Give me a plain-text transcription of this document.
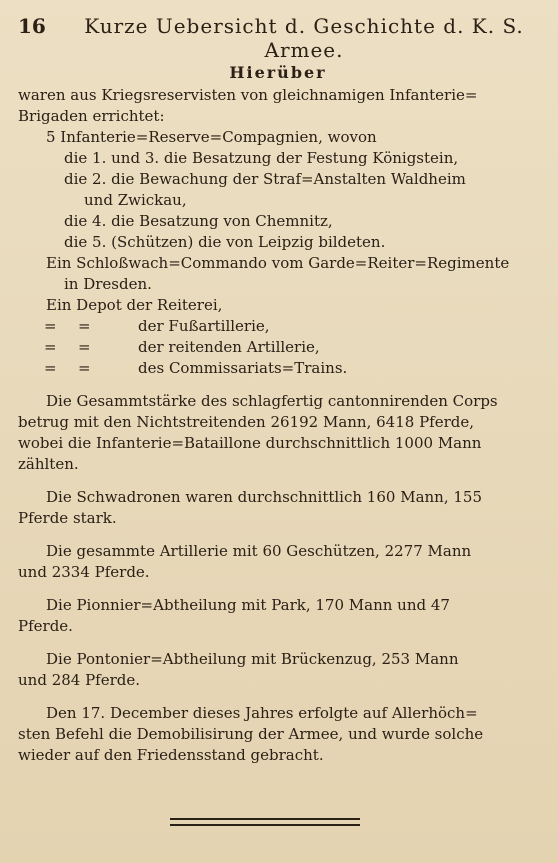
16	Kurze Uebersicht d. Geschichte d. K. S. Armee.
Hierüber
waren aus Kriegsreservisten von gleichnamigen Infanterie=
Brigaden errichtet:
5 Infanterie=Reserve=Compagnien, wovon
die 1. und 3. die Besatzung der Festung Königstein,
die 2. die Bewachung der Straf=Anstalten Waldheim
und Zwickau,
die 4. die Besatzung von Chemnitz,
die 5. (Schützen) die von Leipzig bildeten.
Ein Schloßwach=Commando vom Garde=Reiter=Regimente
in Dresden.
Ein Depot der Reiterei,
=	=	der Fußartillerie,
=	=	der reitenden Artillerie,
=	=	des Commissariats=Trains.
Die Gesammtstärke des schlagfertig cantonnirenden Corps
betrug mit den Nichtstreitenden 26192 Mann, 6418 Pferde,
wobei die Infanterie=Bataillone durchschnittlich 1000 Mann
zählten.
Die Schwadronen waren durchschnittlich 160 Mann, 155
Pferde stark.
Die gesammte Artillerie mit 60 Geschützen, 2277 Mann
und 2334 Pferde.
Die Pionnier=Abtheilung mit Park, 170 Mann und 47
Pferde.
Die Pontonier=Abtheilung mit Brückenzug, 253 Mann
und 284 Pferde.
Den 17. December dieses Jahres erfolgte auf Allerhöch=
sten Befehl die Demobilisirung der Armee, und wurde solche
wieder auf den Friedensstand gebracht.
